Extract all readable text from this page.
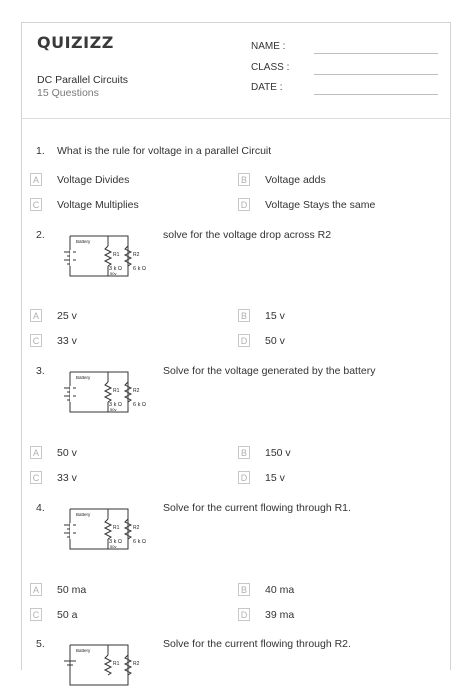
QUIZIZZ
DC Parallel Circuits
15 Questions
NAME :
CLASS :
DATE :
1. What is the rule for voltage in a parallel Circuit
A Voltage Divides	B Voltage adds
C Voltage Multiplies	D Voltage Stays the same
2.
Battery
R1	R2
3 k Ω
50v
6 k Ω
solve for the voltage drop across R2
A 25 v	B 15 v
C 33 v	D 50 v
3.
Battery
R1	R2
3 k Ω
50v
6 k Ω
Solve for the voltage generated by the battery
A 50 v	B 150 v
C 33 v	D 15 v
4.
Battery
R1	R2
3 k Ω
50v
6 k Ω
Solve for the current flowing through R1.
A 50 ma	B 40 ma
C 50 a	D 39 ma
5.
Battery
R1	R2
Solve for the current flowing through R2.
